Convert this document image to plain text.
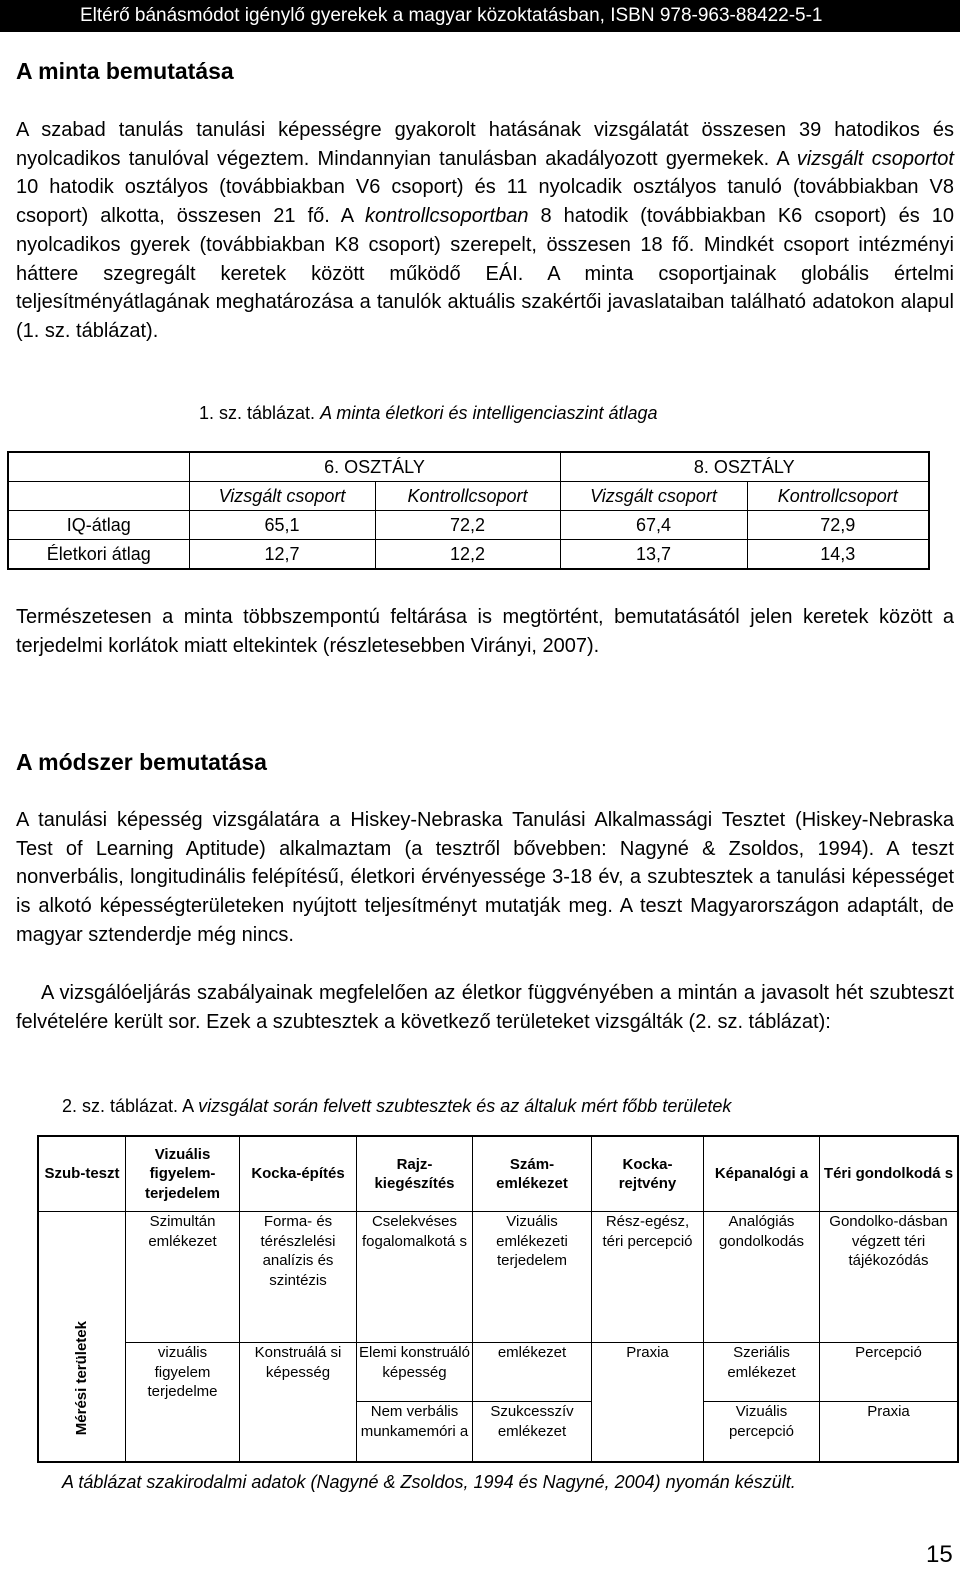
Eltérő bánásmódot igénylő gyerekek a magyar közoktatásban, ISBN 978-963-88422-5-1
A minta bemutatása

A szabad tanulás tanulási képességre gyakorolt hatásának vizsgálatát összesen 39 hatodikos és nyolcadikos tanulóval végeztem. Mindannyian tanulásban akadályozott gyermekek. A vizsgált csoportot 10 hatodik osztályos (továbbiakban V6 csoport) és 11 nyolcadik osztályos tanuló (továbbiakban V8 csoport) alkotta, összesen 21 fő. A kontrollcsoportban 8 hatodik (továbbiakban K6 csoport) és 10 nyolcadikos gyerek (továbbiakban K8 csoport) szerepelt, összesen 18 fő. Mindkét csoport intézményi háttere szegregált keretek között működő EÁI. A minta csoportjainak globális értelmi teljesítményátlagának meghatározása a tanulók aktuális szakértői javaslataiban található adatokon alapul (1. sz. táblázat).

1. sz. táblázat. A minta életkori és intelligenciaszint átlaga
	6. OSZTÁLY		8. OSZTÁLY	
	Vizsgált csoport	Kontrollcsoport	Vizsgált csoport	Kontrollcsoport
IQ-átlag	65,1	72,2	67,4	72,9
Életkori átlag	12,7	12,2	13,7	14,3

Természetesen a minta többszempontú feltárása is megtörtént, bemutatásától jelen keretek között a terjedelmi korlátok miatt eltekintek (részletesebben Virányi, 2007).

A módszer bemutatása

A tanulási képesség vizsgálatára a Hiskey-Nebraska Tanulási Alkalmassági Tesztet (Hiskey-Nebraska Test of Learning Aptitude) alkalmaztam (a tesztről bővebben: Nagyné & Zsoldos, 1994). A teszt nonverbális, longitudinális felépítésű, életkori érvényessége 3-18 év, a szubtesztek a tanulási képességet is alkotó képességterületeken nyújtott teljesítményt mutatják meg. A teszt Magyarországon adaptált, de magyar sztenderdje még nincs.

A vizsgálóeljárás szabályainak megfelelően az életkor függvényében a mintán a javasolt hét szubteszt felvételére került sor. Ezek a szubtesztek a következő területeket vizsgálták (2. sz. táblázat):

2. sz. táblázat. A vizsgálat során felvett szubtesztek és az általuk mért főbb területek
Szub-teszt	Vizuális figyelem-terjedelem	Kocka-építés	Rajz-kiegészítés	Szám-emlékezet	Kocka-rejtvény	Képanalógi a	Téri gondolkodá s

Mérési területek	Szimultán emlékezet	Forma- és térészlelési analízis és szintézis	Cselekvéses fogalomalkotá s	Vizuális emlékezeti terjedelem	Rész-egész, téri percepció	Analógiás gondolkodás	Gondolko-dásban végzett téri tájékozódás
	vizuális figyelem terjedelme	Konstruálá si képesség	Elemi konstruáló képesség	emlékezet	Praxia	Szeriális emlékezet	Percepció
			Nem verbális munkamemóri a	Szukcesszív emlékezet		Vizuális percepció	Praxia
A táblázat szakirodalmi adatok (Nagyné & Zsoldos, 1994 és Nagyné, 2004) nyomán készült.
15
